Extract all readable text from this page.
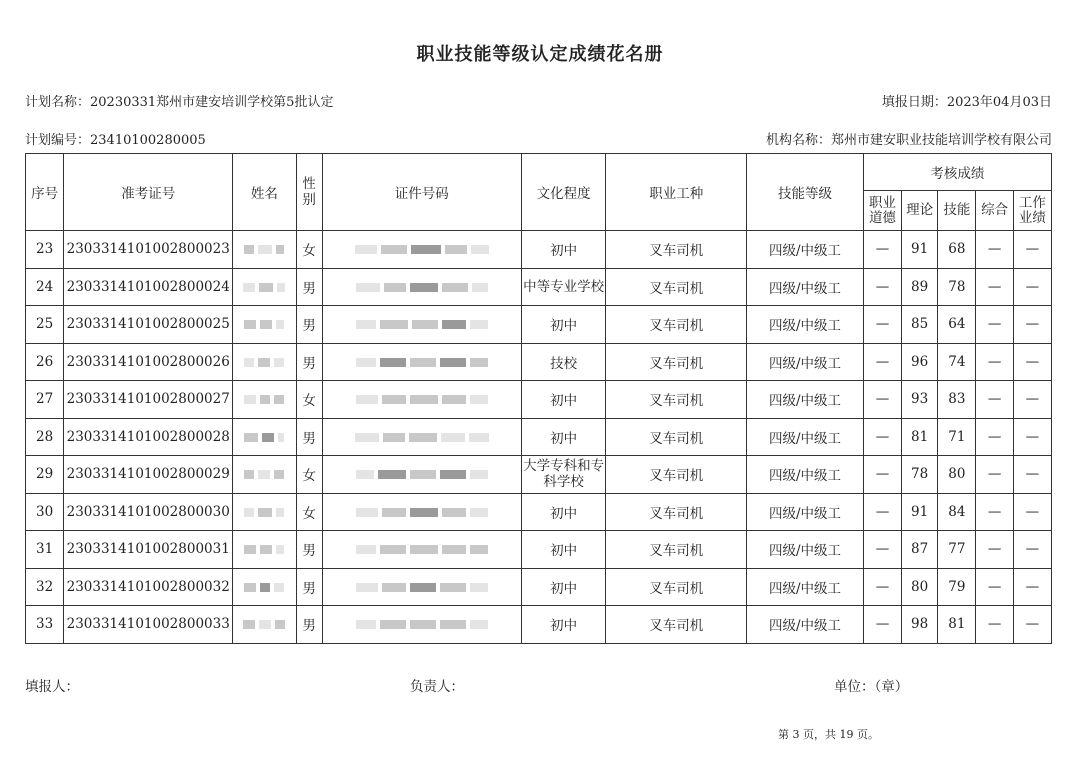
职业技能等级认定成绩花名册
计划名称：20230331郑州市建安培训学校第5批认定	填报日期：2023年04月03日
计划编号：23410100280005	机构名称：郑州市建安职业技能培训学校有限公司
序号	准考证号	姓名	性别	证件号码	文化程度	职业工种	技能等级	考核成绩				
								职业道德	理论	技能	综合	工作业绩
23	2303314101002800023		女		初中	叉车司机	四级/中级工	—	91	68	—	—
24	2303314101002800024		男		中等专业学校	叉车司机	四级/中级工	—	89	78	—	—
25	2303314101002800025		男		初中	叉车司机	四级/中级工	—	85	64	—	—
26	2303314101002800026		男		技校	叉车司机	四级/中级工	—	96	74	—	—
27	2303314101002800027		女		初中	叉车司机	四级/中级工	—	93	83	—	—
28	2303314101002800028		男		初中	叉车司机	四级/中级工	—	81	71	—	—
29	2303314101002800029		女		大学专科和专科学校	叉车司机	四级/中级工	—	78	80	—	—
30	2303314101002800030		女		初中	叉车司机	四级/中级工	—	91	84	—	—
31	2303314101002800031		男		初中	叉车司机	四级/中级工	—	87	77	—	—
32	2303314101002800032		男		初中	叉车司机	四级/中级工	—	80	79	—	—
33	2303314101002800033		男		初中	叉车司机	四级/中级工	—	98	81	—	—
填报人：	负责人：	单位：（章）
第 3 页，共 19 页。
